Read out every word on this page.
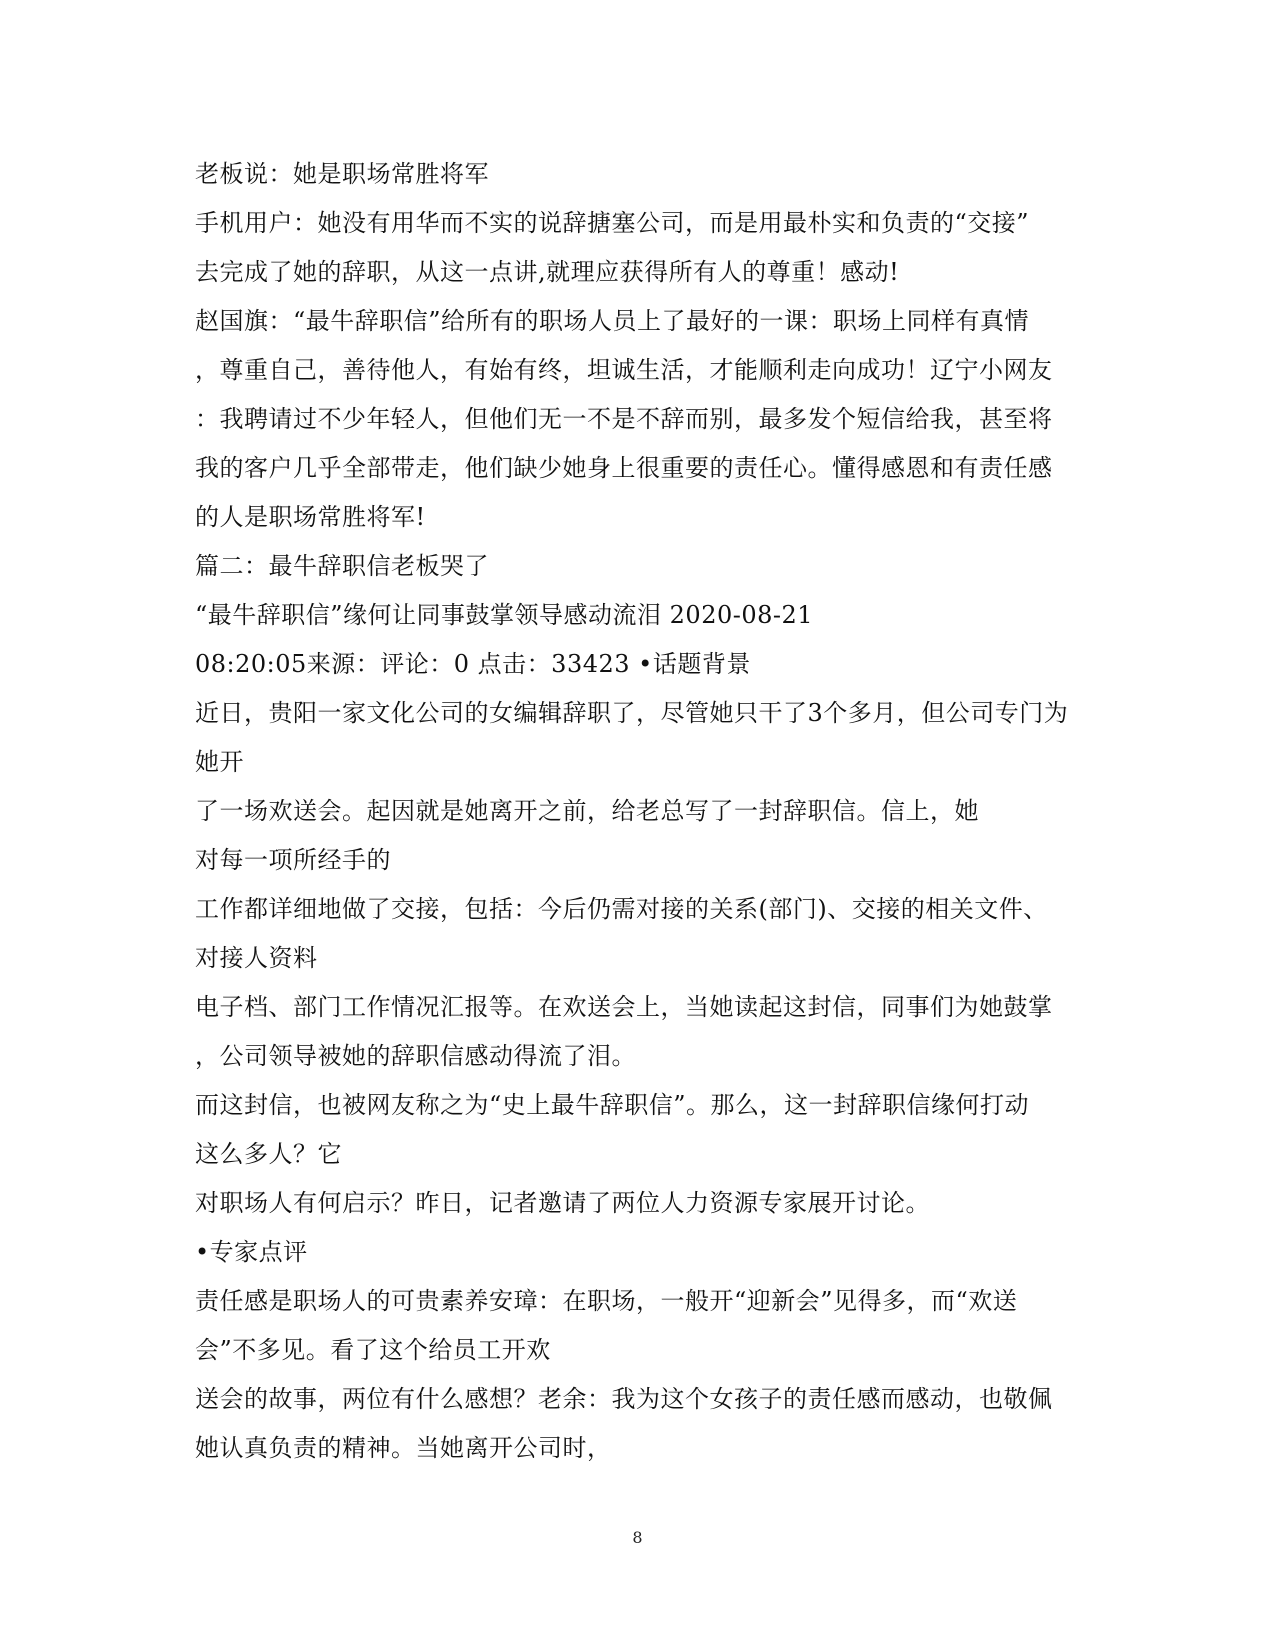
老板说：她是职场常胜将军
手机用户：她没有用华而不实的说辞搪塞公司，而是用最朴实和负责的“交接”
去完成了她的辞职，从这一点讲,就理应获得所有人的尊重！感动!
赵国旗：“最牛辞职信”给所有的职场人员上了最好的一课：职场上同样有真情
，尊重自己，善待他人，有始有终，坦诚生活，才能顺利走向成功！辽宁小网友
：我聘请过不少年轻人，但他们无一不是不辞而别，最多发个短信给我，甚至将
我的客户几乎全部带走，他们缺少她身上很重要的责任心。懂得感恩和有责任感
的人是职场常胜将军!
篇二：最牛辞职信老板哭了
“最牛辞职信”缘何让同事鼓掌领导感动流泪 2020-08-21
08:20:05来源：评论：0 点击：33423 •话题背景
近日，贵阳一家文化公司的女编辑辞职了，尽管她只干了3个多月，但公司专门为
她开
了一场欢送会。起因就是她离开之前，给老总写了一封辞职信。信上，她
对每一项所经手的
工作都详细地做了交接，包括：今后仍需对接的关系(部门)、交接的相关文件、
对接人资料
电子档、部门工作情况汇报等。在欢送会上，当她读起这封信，同事们为她鼓掌
，公司领导被她的辞职信感动得流了泪。
而这封信，也被网友称之为“史上最牛辞职信”。那么，这一封辞职信缘何打动
这么多人？它
对职场人有何启示？昨日，记者邀请了两位人力资源专家展开讨论。
•专家点评
责任感是职场人的可贵素养安璋：在职场，一般开“迎新会”见得多，而“欢送
会”不多见。看了这个给员工开欢
送会的故事，两位有什么感想？老余：我为这个女孩子的责任感而感动，也敬佩
她认真负责的精神。当她离开公司时，
8
